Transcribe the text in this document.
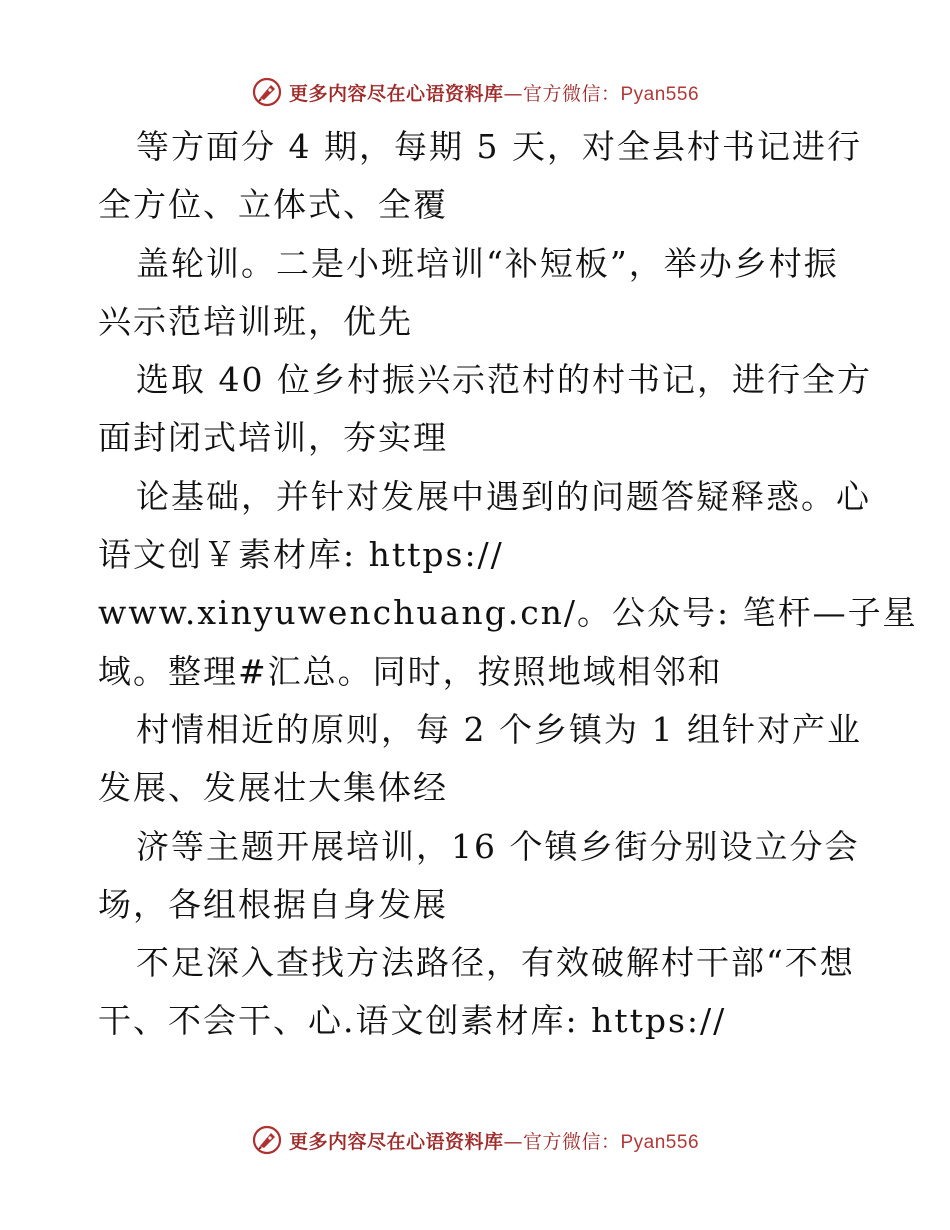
更多内容尽在心语资料库—官方微信：Pyan556
等方面分 4 期，每期 5 天，对全县村书记进行
全方位、立体式、全覆
盖轮训。二是小班培训“补短板”，举办乡村振
兴示范培训班，优先
选取 40 位乡村振兴示范村的村书记，进行全方
面封闭式培训，夯实理
论基础，并针对发展中遇到的问题答疑释惑。心
语文创￥素材库: https://
www.xinyuwenchuang.cn/。公众号: 笔杆—子星
域。整理#汇总。同时，按照地域相邻和
村情相近的原则，每 2 个乡镇为 1 组针对产业
发展、发展壮大集体经
济等主题开展培训，16 个镇乡街分别设立分会
场，各组根据自身发展
不足深入查找方法路径，有效破解村干部“不想
干、不会干、心.语文创素材库: https://
更多内容尽在心语资料库—官方微信：Pyan556
